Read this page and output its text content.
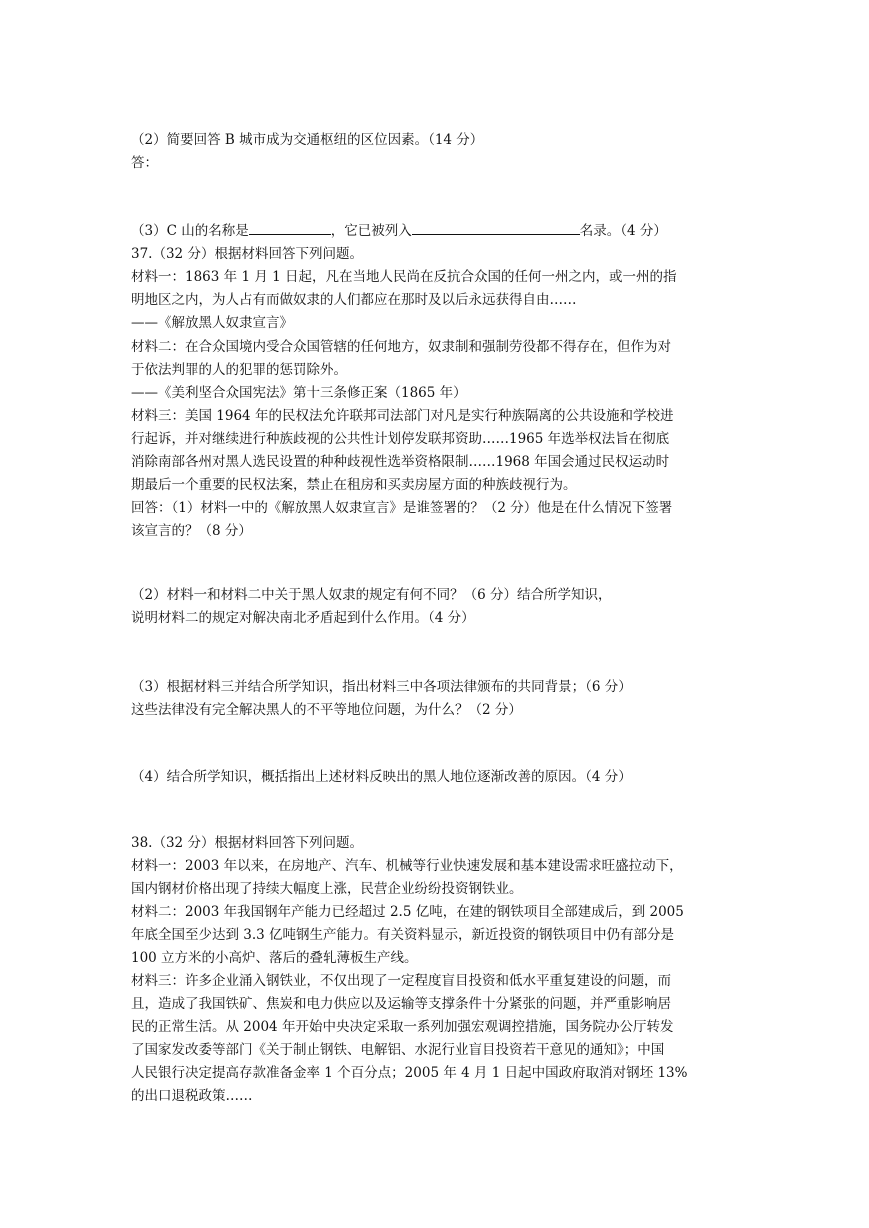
（2）简要回答 B 城市成为交通枢纽的区位因素。（14 分）
答：
（3）C 山的名称是	，它已被列入	名录。（4 分）
37.（32 分）根据材料回答下列问题。
材料一：1863 年 1 月 1 日起，凡在当地人民尚在反抗合众国的任何一州之内，或一州的指
明地区之内，为人占有而做奴隶的人们都应在那时及以后永远获得自由……
——《解放黑人奴隶宣言》
材料二：在合众国境内受合众国管辖的任何地方，奴隶制和强制劳役都不得存在，但作为对
于依法判罪的人的犯罪的惩罚除外。
——《美利坚合众国宪法》第十三条修正案（1865 年）
材料三：美国 1964 年的民权法允许联邦司法部门对凡是实行种族隔离的公共设施和学校进
行起诉，并对继续进行种族歧视的公共性计划停发联邦资助……1965 年选举权法旨在彻底
消除南部各州对黑人选民设置的种种歧视性选举资格限制……1968 年国会通过民权运动时
期最后一个重要的民权法案，禁止在租房和买卖房屋方面的种族歧视行为。
回答：（1）材料一中的《解放黑人奴隶宣言》是谁签署的？（2 分）他是在什么情况下签署
该宣言的？（8 分）
（2）材料一和材料二中关于黑人奴隶的规定有何不同？（6 分）结合所学知识，
说明材料二的规定对解决南北矛盾起到什么作用。（4 分）
（3）根据材料三并结合所学知识，指出材料三中各项法律颁布的共同背景；（6 分）
这些法律没有完全解决黑人的不平等地位问题，为什么？（2 分）
（4）结合所学知识，概括指出上述材料反映出的黑人地位逐渐改善的原因。（4 分）
38.（32 分）根据材料回答下列问题。
材料一：2003 年以来，在房地产、汽车、机械等行业快速发展和基本建设需求旺盛拉动下，
国内钢材价格出现了持续大幅度上涨，民营企业纷纷投资钢铁业。
材料二：2003 年我国钢年产能力已经超过 2.5 亿吨，在建的钢铁项目全部建成后，到 2005
年底全国至少达到 3.3 亿吨钢生产能力。有关资料显示，新近投资的钢铁项目中仍有部分是
100 立方米的小高炉、落后的叠轧薄板生产线。
材料三：许多企业涌入钢铁业，不仅出现了一定程度盲目投资和低水平重复建设的问题，而
且，造成了我国铁矿、焦炭和电力供应以及运输等支撑条件十分紧张的问题，并严重影响居
民的正常生活。从 2004 年开始中央决定采取一系列加强宏观调控措施，国务院办公厅转发
了国家发改委等部门《关于制止钢铁、电解铝、水泥行业盲目投资若干意见的通知》；中国
人民银行决定提高存款准备金率 1 个百分点；2005 年 4 月 1 日起中国政府取消对钢坯 13%
的出口退税政策……
